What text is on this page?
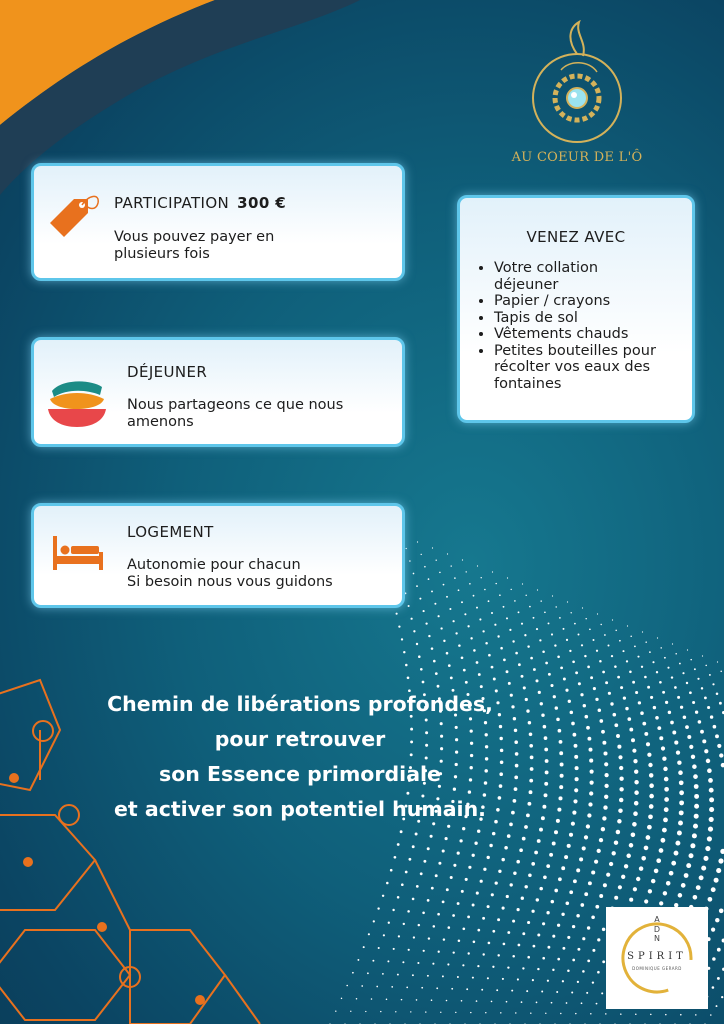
AU COEUR DE L'Ô
PARTICIPATION 300 €
Vous pouvez payer en
plusieurs fois
DÉJEUNER
Nous partageons ce que nous
amenons
LOGEMENT
Autonomie pour chacun
Si besoin nous vous guidons
VENEZ AVEC
• Votre collation
déjeuner
• Papier / crayons
• Tapis de sol
• Vêtements chauds
• Petites bouteilles pour
récolter vos eaux des
fontaines
Chemin de libérations profondes,
pour retrouver
son Essence primordiale
et activer son potentiel humain.
A
D
N
SPIRIT
DOMINIQUE GERARD
